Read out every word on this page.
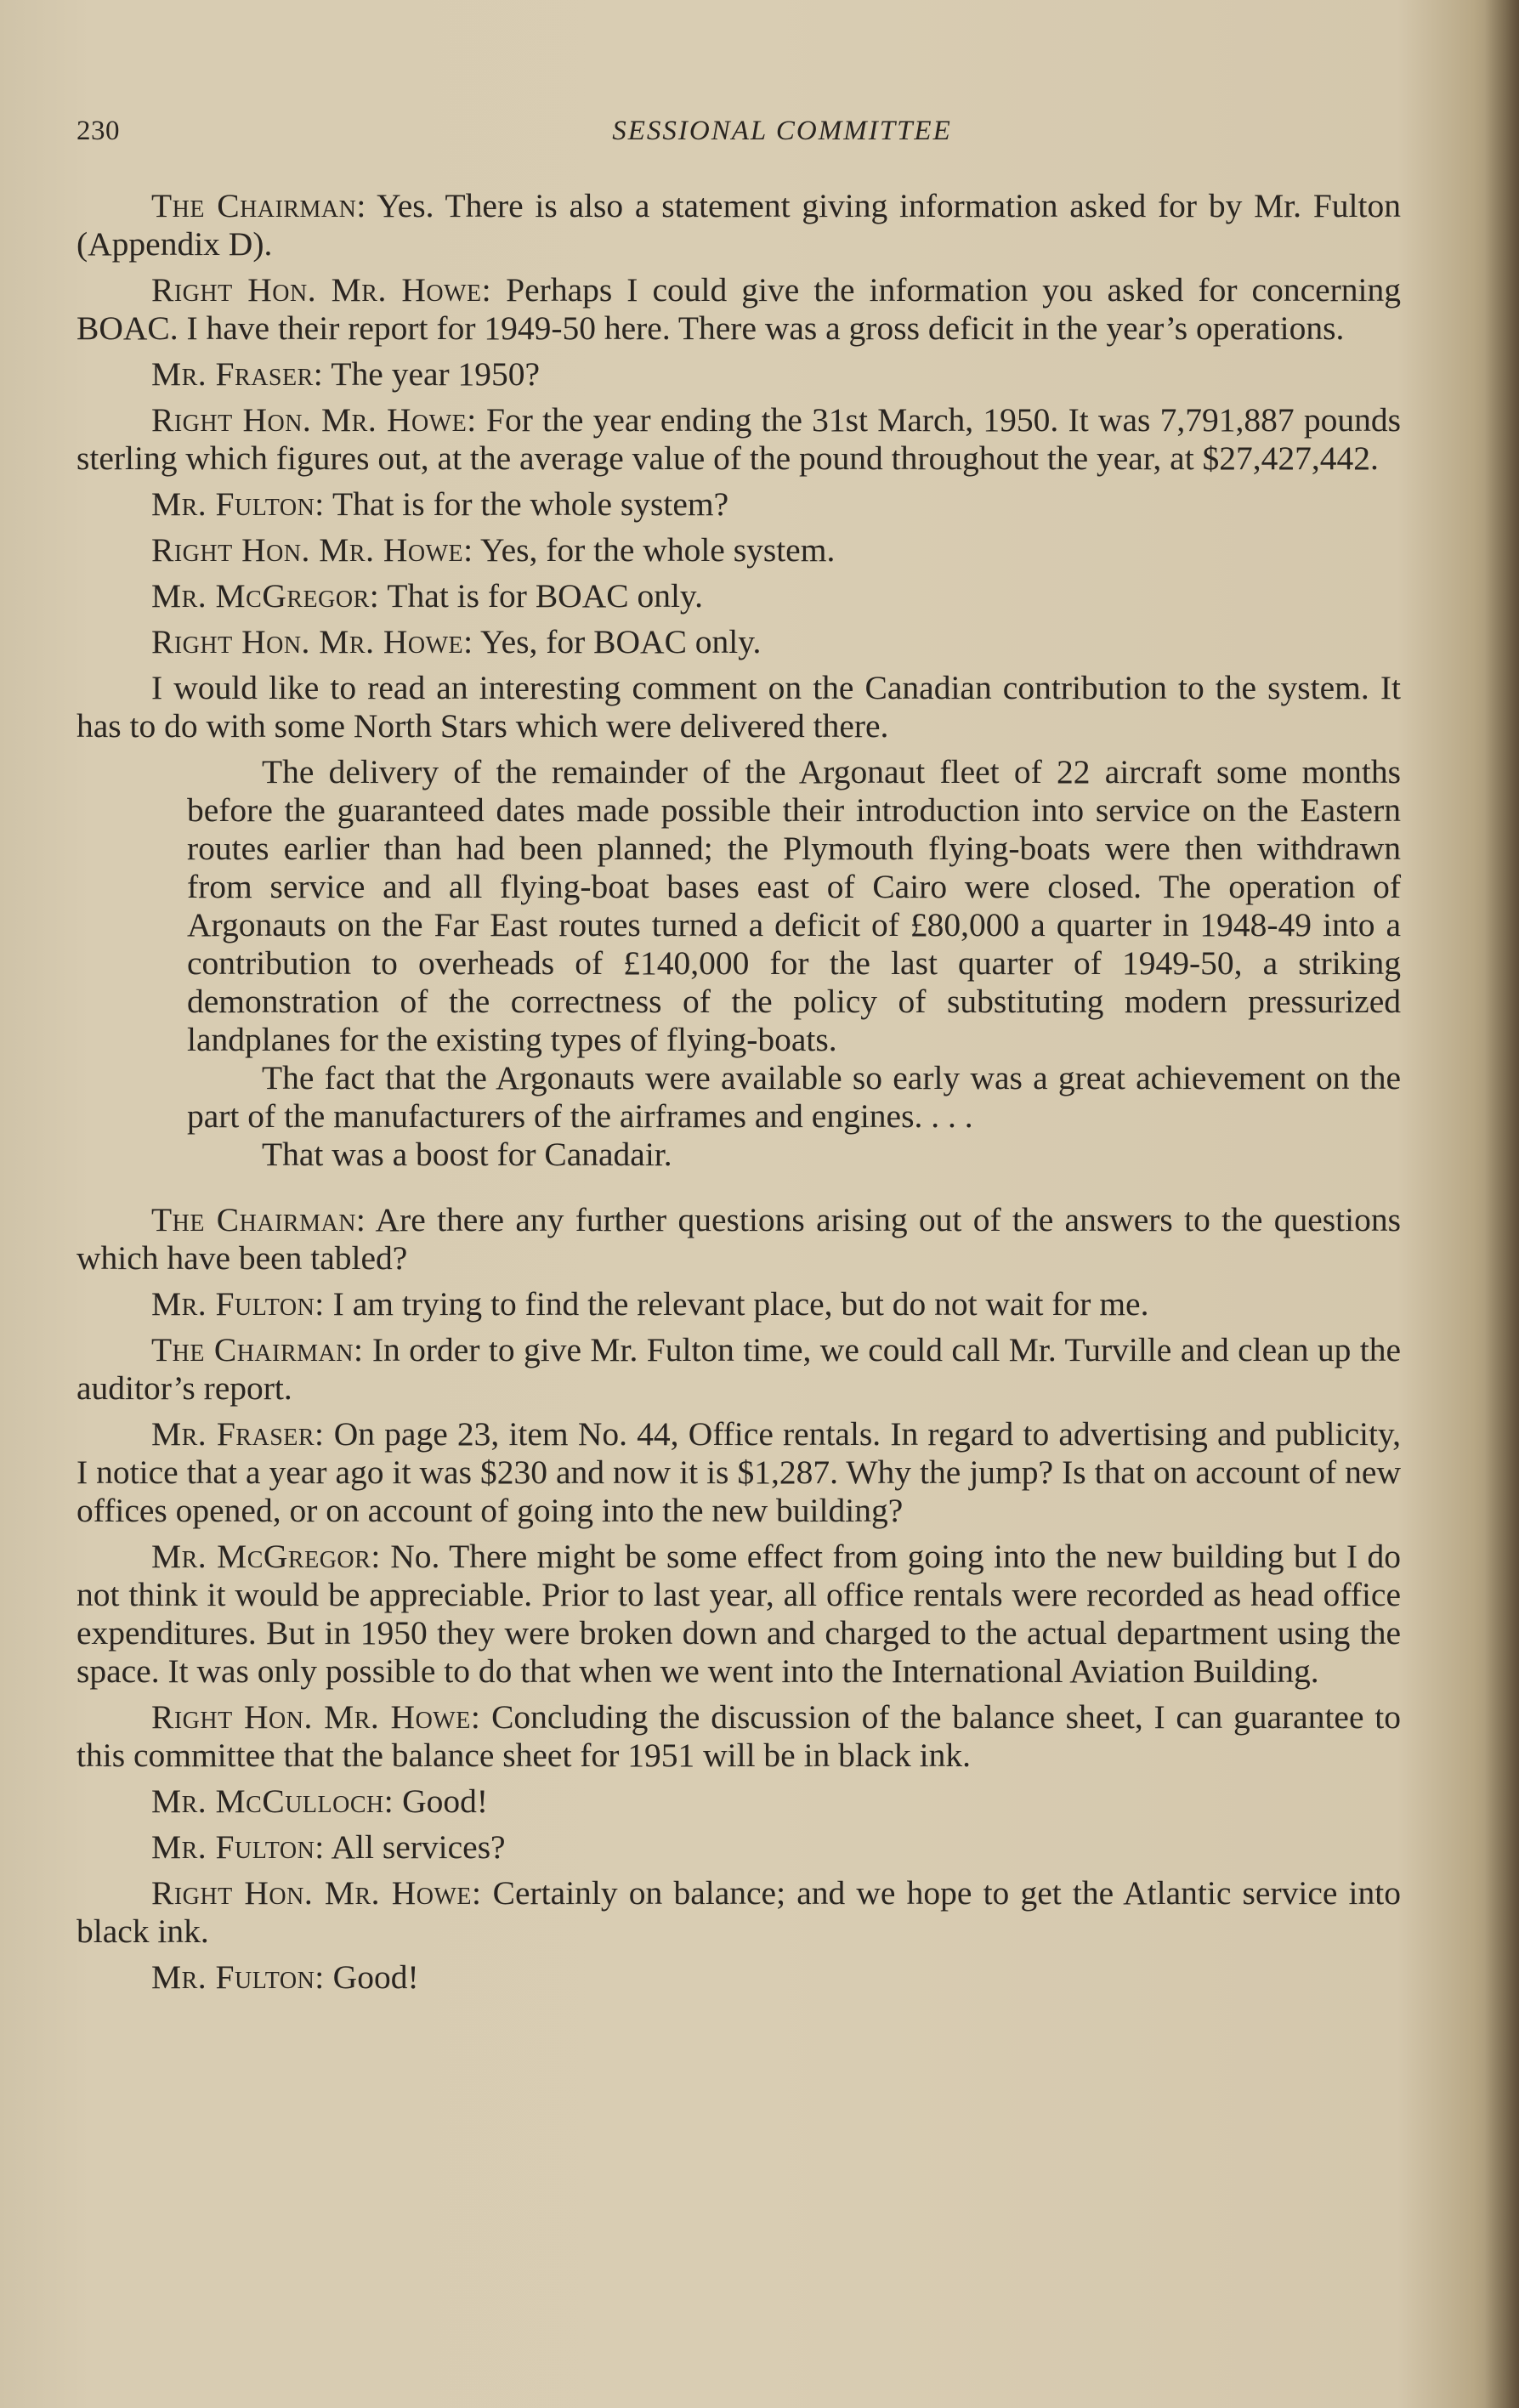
230	SESSIONAL COMMITTEE

The Chairman: Yes. There is also a statement giving information asked for by Mr. Fulton (Appendix D).

Right Hon. Mr. Howe: Perhaps I could give the information you asked for concerning BOAC. I have their report for 1949-50 here. There was a gross deficit in the year’s operations.

Mr. Fraser: The year 1950?

Right Hon. Mr. Howe: For the year ending the 31st March, 1950. It was 7,791,887 pounds sterling which figures out, at the average value of the pound throughout the year, at $27,427,442.

Mr. Fulton: That is for the whole system?

Right Hon. Mr. Howe: Yes, for the whole system.

Mr. McGregor: That is for BOAC only.

Right Hon. Mr. Howe: Yes, for BOAC only.

I would like to read an interesting comment on the Canadian contribution to the system. It has to do with some North Stars which were delivered there.

The delivery of the remainder of the Argonaut fleet of 22 aircraft some months before the guaranteed dates made possible their introduction into service on the Eastern routes earlier than had been planned; the Plymouth flying-boats were then withdrawn from service and all flying-boat bases east of Cairo were closed. The operation of Argonauts on the Far East routes turned a deficit of £80,000 a quarter in 1948-49 into a contribution to overheads of £140,000 for the last quarter of 1949-50, a striking demonstration of the correctness of the policy of substituting modern pressurized landplanes for the existing types of flying-boats.

The fact that the Argonauts were available so early was a great achievement on the part of the manufacturers of the airframes and engines. . . .

That was a boost for Canadair.

The Chairman: Are there any further questions arising out of the answers to the questions which have been tabled?

Mr. Fulton: I am trying to find the relevant place, but do not wait for me.

The Chairman: In order to give Mr. Fulton time, we could call Mr. Turville and clean up the auditor’s report.

Mr. Fraser: On page 23, item No. 44, Office rentals. In regard to advertising and publicity, I notice that a year ago it was $230 and now it is $1,287. Why the jump? Is that on account of new offices opened, or on account of going into the new building?

Mr. McGregor: No. There might be some effect from going into the new building but I do not think it would be appreciable. Prior to last year, all office rentals were recorded as head office expenditures. But in 1950 they were broken down and charged to the actual department using the space. It was only possible to do that when we went into the International Aviation Building.

Right Hon. Mr. Howe: Concluding the discussion of the balance sheet, I can guarantee to this committee that the balance sheet for 1951 will be in black ink.

Mr. McCulloch: Good!

Mr. Fulton: All services?

Right Hon. Mr. Howe: Certainly on balance; and we hope to get the Atlantic service into black ink.

Mr. Fulton: Good!
